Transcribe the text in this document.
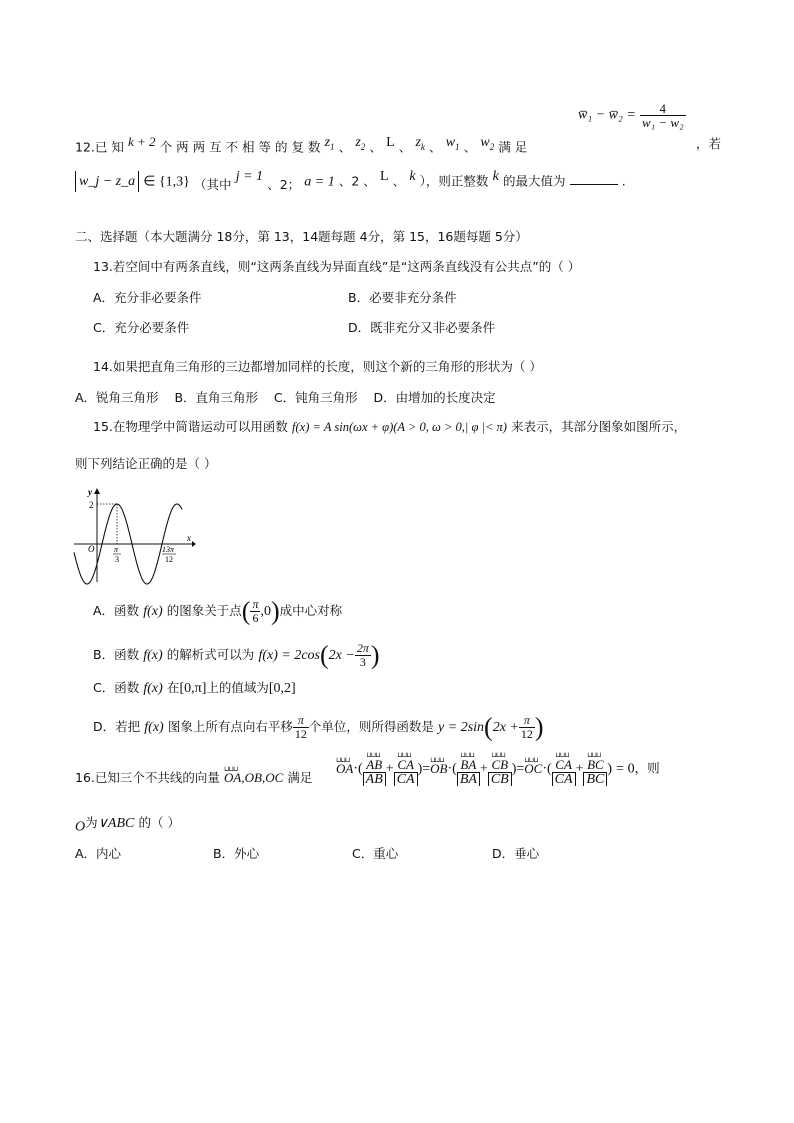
12.已 知 $^{k + 2}$ 个 两 两 互 不 相 等 的 复 数 $^{z_1}$ 、 $^{z_2}$ 、 $^L$ 、 $^{z_k}$ 、 $^{w_1}$ 、 $^{w_2}$ 满 足
w̅₁ − w̅₂ = $\frac{4}{\text{w₁ − w₂}}$
，若
w_j − z_a ∈ {1,3} $_{(其中}$ $^{j = 1}$ $_{、2;}$ a = 1 、2 、 $^L$ 、 $^k$ ），则正整数 $^k$ 的最大值为	.
二、选择题（本大题满分 18分，第 13，14题每题 4分，第 15，16题每题 5分）
13.若空间中有两条直线，则“这两条直线为异面直线”是“这两条直线没有公共点”的（ ）
A．充分非必要条件	B．必要非充分条件
C．充分必要条件	D．既非充分又非必要条件
14.如果把直角三角形的三边都增加同样的长度，则这个新的三角形的形状为（ ）
A．锐角三角形    B．直角三角形    C．钝角三角形    D．由增加的长度决定
15.在物理学中简谐运动可以用函数 f(x) = A sin(ωx + φ)(A > 0, ω > 0,| φ |< π) 来表示，其部分图象如图所示，
则下列结论正确的是（ ）
y
x
2
O π
3
13π
12
A．函数 f(x) 的图象关于点( $\frac{\pi}{6} ,0$)成中心对称
B．函数 f(x) 的解析式可以为 $f(x) = 2\cos(2x - \frac{2\pi}{3}$ )
C．函数 f(x) 在[0,π]上的值域为[0,2]
D．若把 f(x) 图象上所有点向右平移 $\frac{\pi}{12}$ 个单位，则所得函数是 $y = 2\sin(2x + \frac{\pi}{12}$ )
16.已知三个不共线的向量 ⊔⊔⊔ OA,OB,OC 满足
⊔⊔⊔ OA·( ⊔⊔⊔ $\frac{AB}{AB}$ + ⊔⊔⊔ $\frac{CA}{CA}$ )=⊔⊔⊔ OB·( ⊔⊔⊔ $\frac{BA}{BA}$ + ⊔⊔⊔ $\frac{CB}{CB}$ )=⊔⊔⊔ OC·( ⊔⊔⊔ $\frac{CA}{CA}$ + ⊔⊔⊔ $\frac{BC}{BC}$ ) = 0，则
$_O$为∨ABC 的（ ）
A．内心	B．外心	C．重心	D．垂心
